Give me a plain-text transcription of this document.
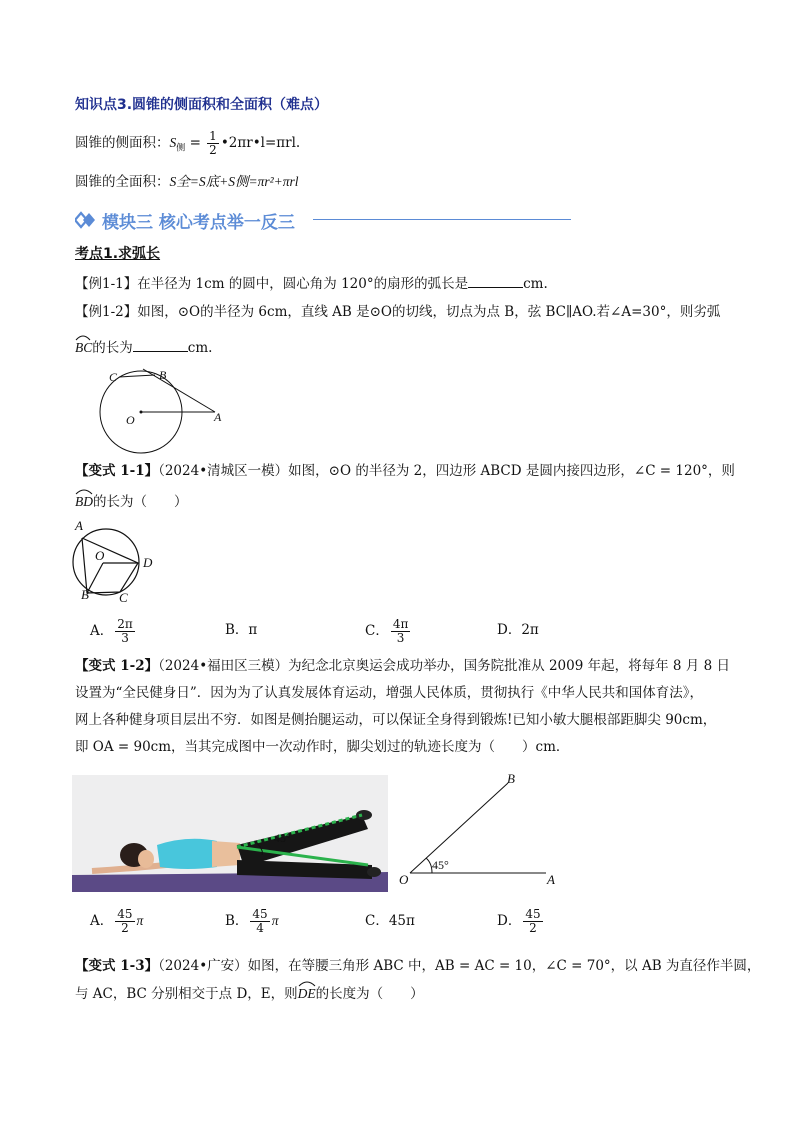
知识点3.圆锥的侧面积和全面积（难点）
圆锥的侧面积：$S_侧 = \frac{1}{2}$ •2πr•l=πrl.
圆锥的全面积：S全=S底+S侧=πr²+πrl
模块三 核心考点举一反三
考点1.求弧长
【例1-1】在半径为 1cm 的圆中，圆心角为 120°的扇形的弧长是	cm.
【例1-2】如图，⊙O的半径为 6cm，直线 AB 是⊙O的切线，切点为点 B，弦 BC∥AO.若∠A=30°，则劣弧
BC的长为	cm.
C	B
O	A
【变式 1-1】（2024•清城区一模）如图，⊙O 的半径为 2，四边形 ABCD 是圆内接四边形，∠C = 120°，则
BD的长为（　　）
A
O	D
B C
A． $\frac{2\pi}{3}$	B．π	C． $\frac{4\pi}{3}$	D．2π
【变式 1-2】（2024•福田区三模）为纪念北京奥运会成功举办，国务院批准从 2009 年起，将每年 8 月 8 日
设置为“全民健身日”．因为为了认真发展体育运动，增强人民体质，贯彻执行《中华人民共和国体育法》，
网上各种健身项目层出不穷．如图是侧抬腿运动，可以保证全身得到锻炼!已知小敏大腿根部距脚尖 90cm，
即 OA = 90cm，当其完成图中一次动作时，脚尖划过的轨迹长度为（　　）cm．
45°
B
O	A
45°
A． $\frac{45}{2}$ π	B． $\frac{45}{4}$ π	C．45π	D． $\frac{45}{2}$
【变式 1-3】（2024•广安）如图，在等腰三角形 ABC 中，AB = AC = 10，∠C = 70°，以 AB 为直径作半圆，
与 AC，BC 分别相交于点 D，E，则
DE的长度为（　　）
